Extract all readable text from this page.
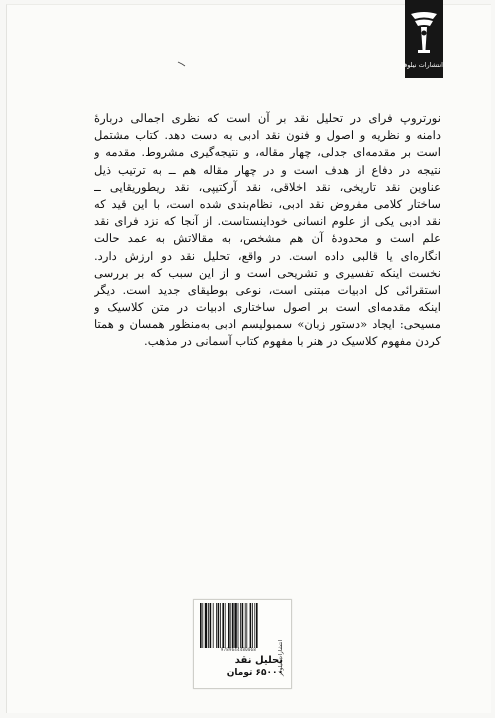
انتشارات نیلوفر
نورتروپ فرای در تحلیل نقد بر آن است که نظری اجمالی دربارهٔ
دامنه و نظریه و اصول و فنون نقد ادبی به دست دهد. کتاب مشتمل
است بر مقدمه‌ای جدلی، چهار مقاله، و نتیجه‌گیری مشروط. مقدمه و
نتیجه در دفاع از هدف است و در چهار مقاله هم ــ به ترتیب ذیل
عناوین نقد تاریخی، نقد اخلاقی، نقد آرکتیپی، نقد ریطوریقایی ــ
ساختار کلامی مفروض نقد ادبی، نظام‌بندی شده است، با این قید که
نقد ادبی یکی از علوم انسانی خوداینستاست. از آنجا که نزد فرای نقد
علم است و محدودهٔ آن هم مشخص، به مقالاتش به عمد حالت
انگاره‌ای یا قالبی داده است. در واقع، تحلیل نقد دو ارزش دارد.
نخست اینکه تفسیری و تشریحی است و از این سبب که بر بررسی
استقرائی کل ادبیات مبتنی است، نوعی بوطیقای جدید است. دیگر
اینکه مقدمه‌ای است بر اصول ساختاری ادبیات در متن کلاسیک و
مسیحی: ایجاد «دستور زبان» سمبولیسم ادبی به‌منظور همسان و همتا
کردن مفهوم کلاسیک در هنر با مفهوم کتاب آسمانی در مذهب.
9789644480068
تحلیل نقد
۶۵۰۰۰ تومان
انتشارات نیلوفر
